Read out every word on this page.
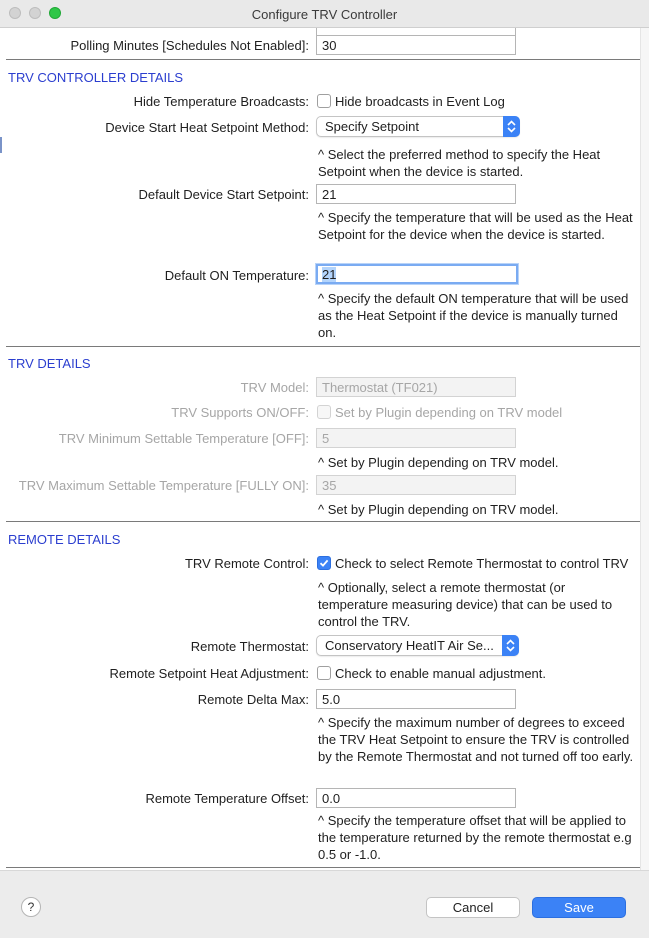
Configure TRV Controller
Polling Minutes [Schedules Not Enabled]:	30
TRV CONTROLLER DETAILS
Hide Temperature Broadcasts: Hide broadcasts in Event Log
Device Start Heat Setpoint Method:	Specify Setpoint
^ Select the preferred method to specify the Heat Setpoint when the device is started.
Default Device Start Setpoint:	21
^ Specify the temperature that will be used as the Heat Setpoint for the device when the device is started.
Default ON Temperature:	21
^ Specify the default ON temperature that will be used as the Heat Setpoint if the device is manually turned on.
TRV DETAILS
TRV Model:	Thermostat (TF021)
TRV Supports ON/OFF: Set by Plugin depending on TRV model
TRV Minimum Settable Temperature [OFF]:	5
^ Set by Plugin depending on TRV model.
TRV Maximum Settable Temperature [FULLY ON]:	35
^ Set by Plugin depending on TRV model.
REMOTE DETAILS
TRV Remote Control: Check to select Remote Thermostat to control TRV
^ Optionally, select a remote thermostat (or temperature measuring device) that can be used to control the TRV.
Remote Thermostat:	Conservatory HeatIT Air Se...
Remote Setpoint Heat Adjustment: Check to enable manual adjustment.
Remote Delta Max:	5.0
^ Specify the maximum number of degrees to exceed the TRV Heat Setpoint to ensure the TRV is controlled by the Remote Thermostat and not turned off too early.
Remote Temperature Offset:	0.0
^ Specify the temperature offset that will be applied to the temperature returned by the remote thermostat e.g 0.5 or -1.0.
?	Cancel	Save
